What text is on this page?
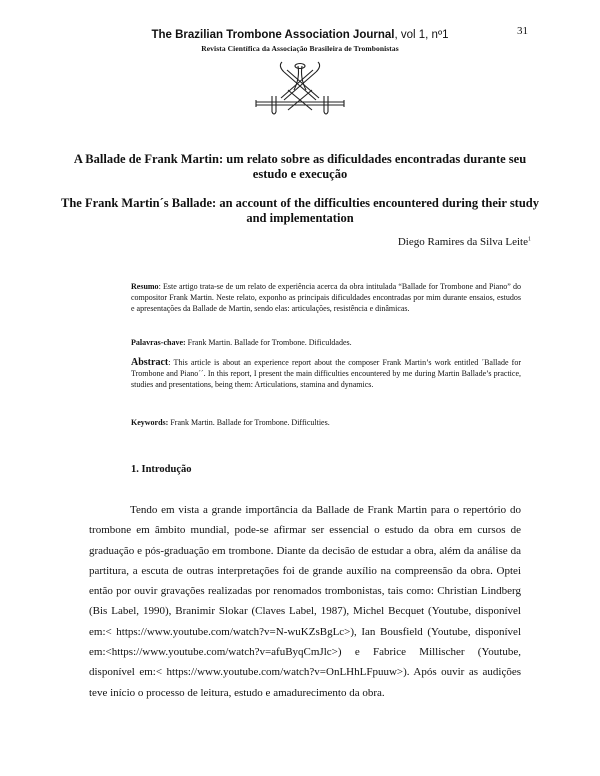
The Brazilian Trombone Association Journal, vol 1, nº1	31
Revista Científica da Associação Brasileira de Trombonistas
A Ballade de Frank Martin: um relato sobre as dificuldades encontradas durante seu estudo e execução
The Frank Martin´s Ballade: an account of the difficulties encountered during their study and implementation
Diego Ramires da Silva Leite$^1$
Resumo: Este artigo trata-se de um relato de experiência acerca da obra intitulada “Ballade for Trombone and Piano” do compositor Frank Martin. Neste relato, exponho as principais dificuldades encontradas por mim durante ensaios, estudos e apresentações da Ballade de Martin, sendo elas: articulações, resistência e dinâmicas.
Palavras-chave: Frank Martin. Ballade for Trombone. Dificuldades.
Abstract: This article is about an experience report about the composer Frank Martin’s work entitled ´Ballade for Trombone and Piano´´. In this report, I present the main difficulties encountered by me during Martin Ballade’s practice, studies and presentations, being them: Articulations, stamina and dynamics.
Keywords: Frank Martin. Ballade for Trombone. Difficulties.
1. Introdução

Tendo em vista a grande importância da Ballade de Frank Martin para o repertório do trombone em âmbito mundial, pode-se afirmar ser essencial o estudo da obra em cursos de graduação e pós-graduação em trombone. Diante da decisão de estudar a obra, além da análise da partitura, a escuta de outras interpretações foi de grande auxílio na compreensão da obra. Optei então por ouvir gravações realizadas por renomados trombonistas, tais como: Christian Lindberg (Bis Label, 1990), Branimir Slokar (Claves Label, 1987), Michel Becquet (Youtube, disponível em:< https://www.youtube.com/watch?v=N-wuKZsBgLc>), Ian Bousfield (Youtube, disponível em:<https://www.youtube.com/watch?v=afuByqCmJlc>) e Fabrice Millischer (Youtube, disponível em:< https://www.youtube.com/watch?v=OnLHhLFpuuw>). Após ouvir as audições teve início o processo de leitura, estudo e amadurecimento da obra.
